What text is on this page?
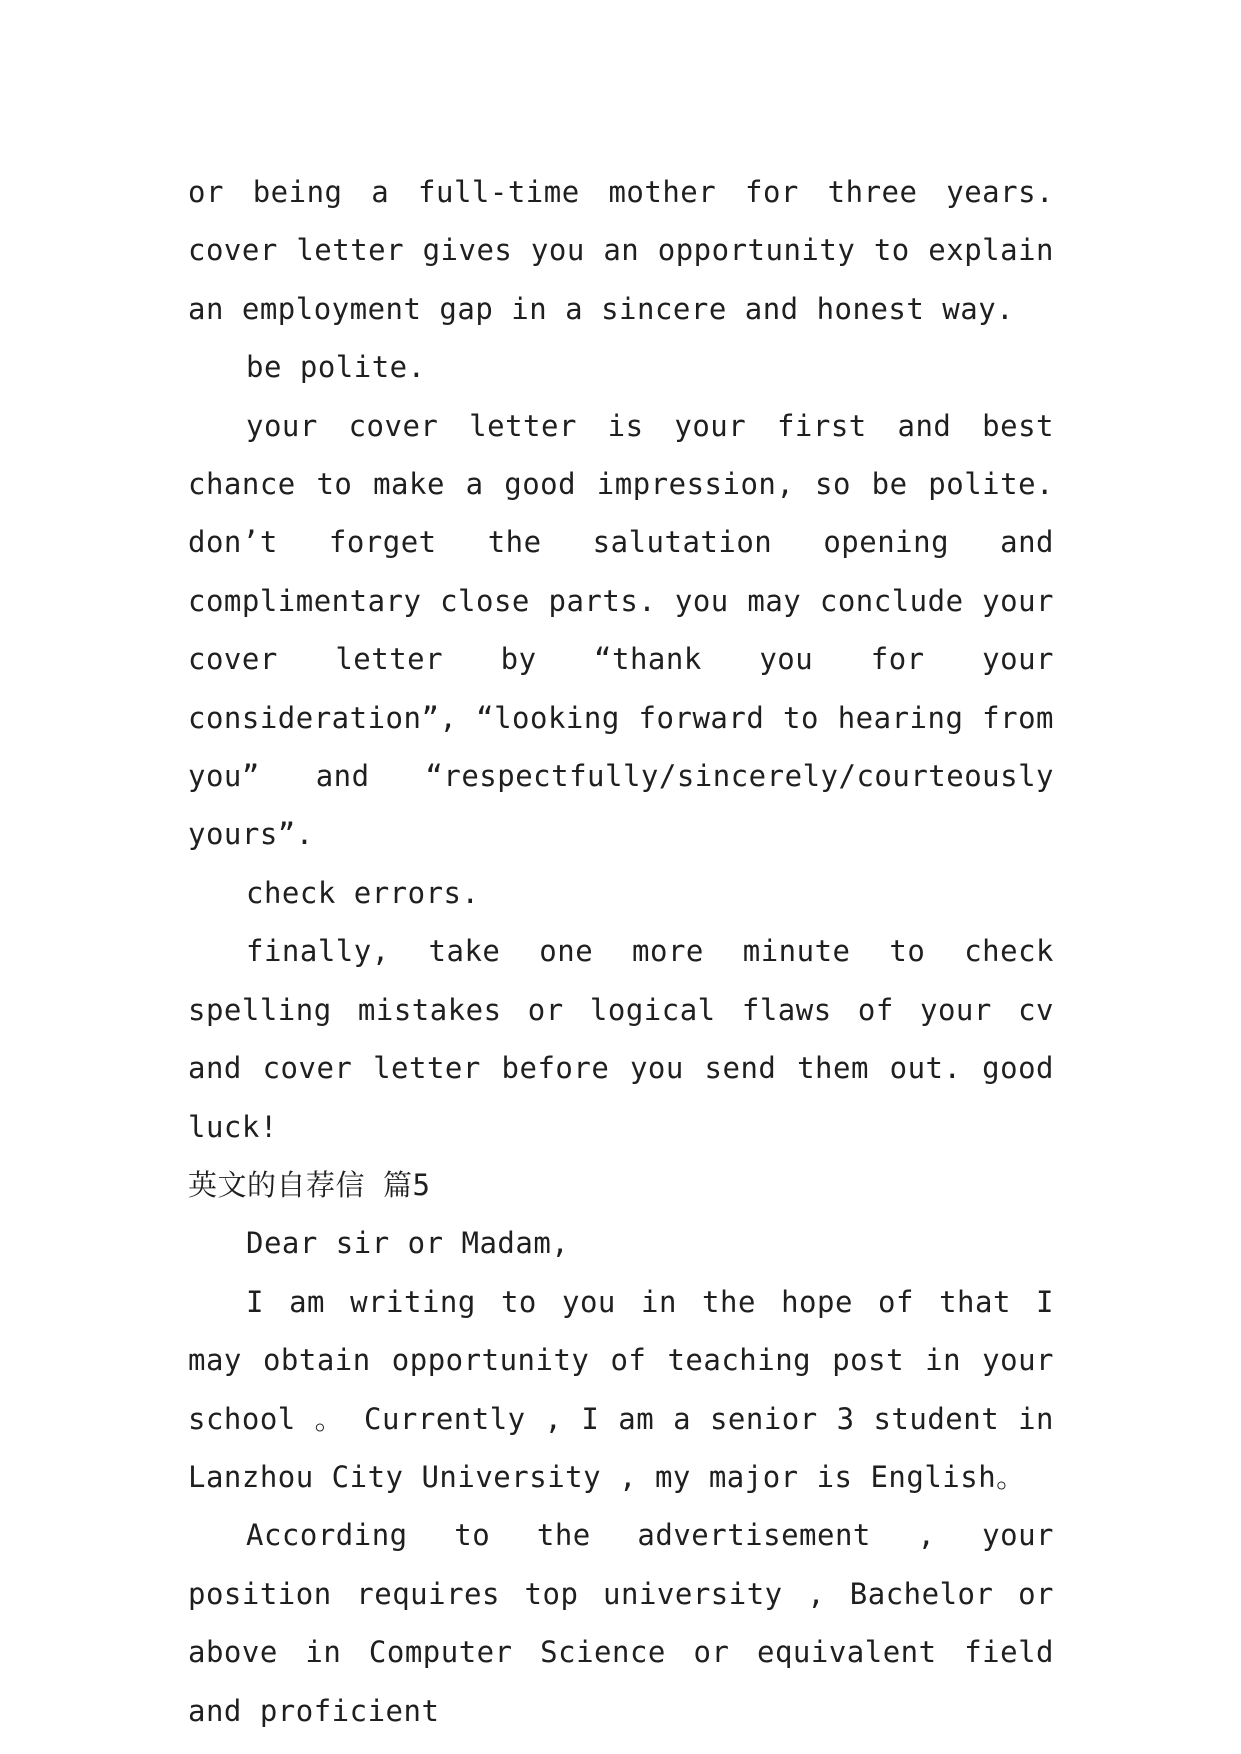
or being a full-time mother for three years. cover letter gives you an opportunity to explain an employment gap in a sincere and honest way.

be polite.

your cover letter is your first and best chance to make a good impression, so be polite. don’t forget the salutation opening and complimentary close parts. you may conclude your cover letter by “thank you for your consideration”, “looking forward to hearing from you” and “respectfully/sincerely/courteously yours”.

check errors.

finally, take one more minute to check spelling mistakes or logical flaws of your cv and cover letter before you send them out. good luck!

英文的自荐信 篇5

Dear sir or Madam,

I am writing to you in the hope of that I may obtain opportunity of teaching post in your school 。 Currently , I am a senior 3 student in Lanzhou City University , my major is English。

According to the advertisement , your position requires top university , Bachelor or above in Computer Science or equivalent field and proficient
